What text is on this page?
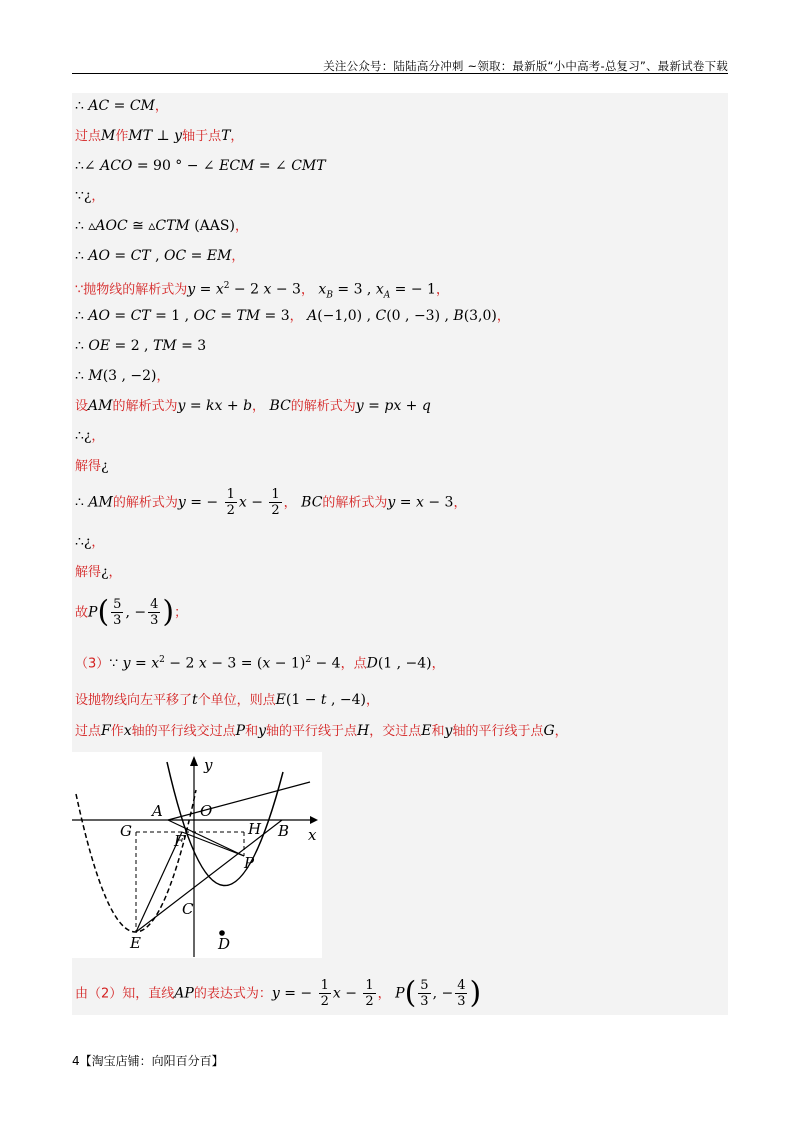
关注公众号：陆陆高分冲刺 ~领取：最新版“小中高考-总复习”、最新试卷下载
∴ AC = CM，
过点M作MT ⊥ y轴于点T，
∴∠ ACO = 90 ° − ∠ ECM = ∠ CMT
∵¿，
∴ ▵AOC ≅ ▵CTM (AAS)，
∴ AO = CT , OC = EM，
∵抛物线的解析式为$y = x^2 - 2$ x − 3， $x_B = 3$ , $x_A$ = − 1，
∴ AO = CT = 1 , OC = TM = 3， A(−1,0) , C(0 , −3) , B(3,0)，
∴ OE = 2 , TM = 3
∴ M(3 , −2)，
设AM的解析式为y = kx + b， BC的解析式为y = px + q
∴¿，
解得¿
∴ AM的解析式为y = − $\frac{1}{2}$ $x - \frac{1}{2}$ ， BC的解析式为y = x − 3，
∴¿，
解得¿，
故$P( \frac{5}{3}$ , − $\frac{4}{3}$ )；
（3）∵ $y = x^2 - 2$ $x - 3 = (x - 1)^2 - 4$，点D(1 , −4)，
设抛物线向左平移了t个单位，则点E(1 − t , −4)，
过点F作x轴的平行线交过点P和y轴的平行线于点H，交过点E和y轴的平行线于点G，
由（2）知，直线AP的表达式为：y = − $\frac{1}{2}$ $x - \frac{1}{2}$ ， $P( \frac{5}{3}$ , − $\frac{4}{3}$ )
y
x
A O
G
F
H B
P
C
E	D
4【淘宝店铺：向阳百分百】
